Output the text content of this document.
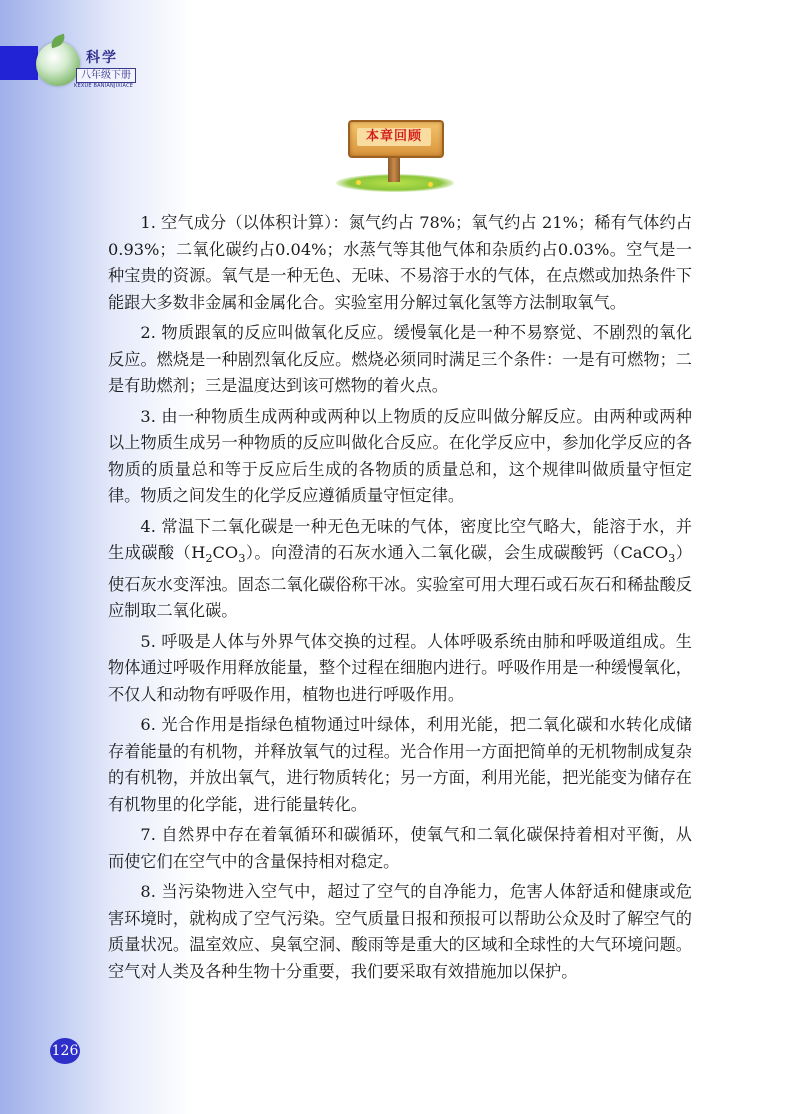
科学
八年级下册
KEXUE BANIANJIXIACE
本章回顾

1. 空气成分（以体积计算）：氮气约占 78%；氧气约占 21%；稀有气体约占0.93%；二氧化碳约占0.04%；水蒸气等其他气体和杂质约占0.03%。空气是一种宝贵的资源。氧气是一种无色、无味、不易溶于水的气体，在点燃或加热条件下能跟大多数非金属和金属化合。实验室用分解过氧化氢等方法制取氧气。

2. 物质跟氧的反应叫做氧化反应。缓慢氧化是一种不易察觉、不剧烈的氧化反应。燃烧是一种剧烈氧化反应。燃烧必须同时满足三个条件：一是有可燃物；二是有助燃剂；三是温度达到该可燃物的着火点。

3. 由一种物质生成两种或两种以上物质的反应叫做分解反应。由两种或两种以上物质生成另一种物质的反应叫做化合反应。在化学反应中，参加化学反应的各物质的质量总和等于反应后生成的各物质的质量总和，这个规律叫做质量守恒定律。物质之间发生的化学反应遵循质量守恒定律。

4. 常温下二氧化碳是一种无色无味的气体，密度比空气略大，能溶于水，并生成碳酸$(H_2CO_3)$。向澄清的石灰水通入二氧化碳，会生成碳酸钙（CaCO$_3$）使石灰水变浑浊。固态二氧化碳俗称干冰。实验室可用大理石或石灰石和稀盐酸反应制取二氧化碳。

5. 呼吸是人体与外界气体交换的过程。人体呼吸系统由肺和呼吸道组成。生物体通过呼吸作用释放能量，整个过程在细胞内进行。呼吸作用是一种缓慢氧化，不仅人和动物有呼吸作用，植物也进行呼吸作用。

6. 光合作用是指绿色植物通过叶绿体，利用光能，把二氧化碳和水转化成储存着能量的有机物，并释放氧气的过程。光合作用一方面把简单的无机物制成复杂的有机物，并放出氧气，进行物质转化；另一方面，利用光能，把光能变为储存在有机物里的化学能，进行能量转化。

7. 自然界中存在着氧循环和碳循环，使氧气和二氧化碳保持着相对平衡，从而使它们在空气中的含量保持相对稳定。

8. 当污染物进入空气中，超过了空气的自净能力，危害人体舒适和健康或危害环境时，就构成了空气污染。空气质量日报和预报可以帮助公众及时了解空气的质量状况。温室效应、臭氧空洞、酸雨等是重大的区域和全球性的大气环境问题。空气对人类及各种生物十分重要，我们要采取有效措施加以保护。

126
